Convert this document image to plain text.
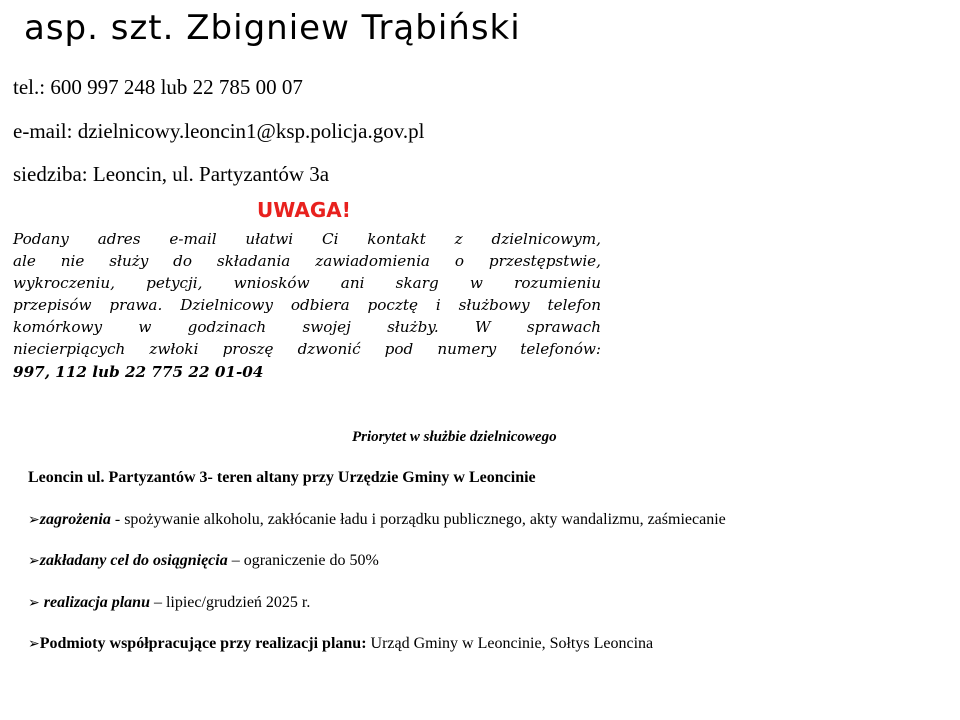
asp. szt. Zbigniew Trąbiński
tel.: 600 997 248 lub 22 785 00 07
e-mail: dzielnicowy.leoncin1@ksp.policja.gov.pl
siedziba: Leoncin, ul. Partyzantów 3a
UWAGA!
Podany adres e-mail ułatwi Ci kontakt z dzielnicowym,
ale nie służy do składania zawiadomienia o przestępstwie,
wykroczeniu, petycji, wniosków ani skarg w rozumieniu
przepisów prawa. Dzielnicowy odbiera pocztę i służbowy telefon
komórkowy w godzinach swojej służby. W sprawach
niecierpiących zwłoki proszę dzwonić pod numery telefonów:
997, 112 lub 22 775 22 01-04
Priorytet w służbie dzielnicowego
Leoncin ul. Partyzantów 3- teren altany przy Urzędzie Gminy w Leoncinie
➢zagrożenia - spożywanie alkoholu, zakłócanie ładu i porządku publicznego, akty wandalizmu, zaśmiecanie
➢zakładany cel do osiągnięcia – ograniczenie do 50%
➢ realizacja planu – lipiec/grudzień 2025 r.
➢Podmioty współpracujące przy realizacji planu: Urząd Gminy w Leoncinie, Sołtys Leoncina
